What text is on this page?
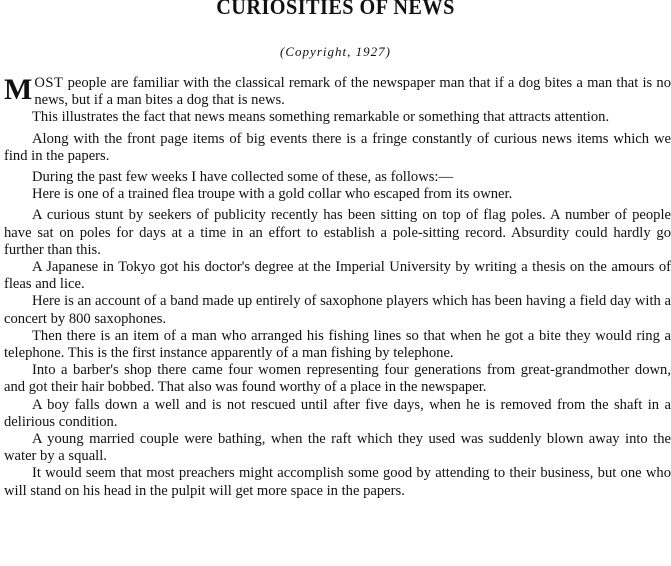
CURIOSITIES OF NEWS
(Copyright, 1927)

MOST people are familiar with the classical remark of the newspaper man that if a dog bites a man that is no news, but if a man bites a dog that is news.

This illustrates the fact that news means something remarkable or something that attracts attention.

Along with the front page items of big events there is a fringe constantly of curious news items which we find in the papers.

During the past few weeks I have collected some of these, as follows:—

Here is one of a trained flea troupe with a gold collar who escaped from its owner.

A curious stunt by seekers of publicity recently has been sitting on top of flag poles. A number of people have sat on poles for days at a time in an effort to establish a pole-sitting record. Absurdity could hardly go further than this.

A Japanese in Tokyo got his doctor's degree at the Imperial University by writing a thesis on the amours of fleas and lice.

Here is an account of a band made up entirely of saxophone players which has been having a field day with a concert by 800 saxophones.

Then there is an item of a man who arranged his fishing lines so that when he got a bite they would ring a telephone. This is the first instance apparently of a man fishing by telephone.

Into a barber's shop there came four women representing four generations from great-grandmother down, and got their hair bobbed. That also was found worthy of a place in the newspaper.

A boy falls down a well and is not rescued until after five days, when he is removed from the shaft in a delirious condition.

A young married couple were bathing, when the raft which they used was suddenly blown away into the water by a squall.

It would seem that most preachers might accomplish some good by attending to their business, but one who will stand on his head in the pulpit will get more space in the papers.
